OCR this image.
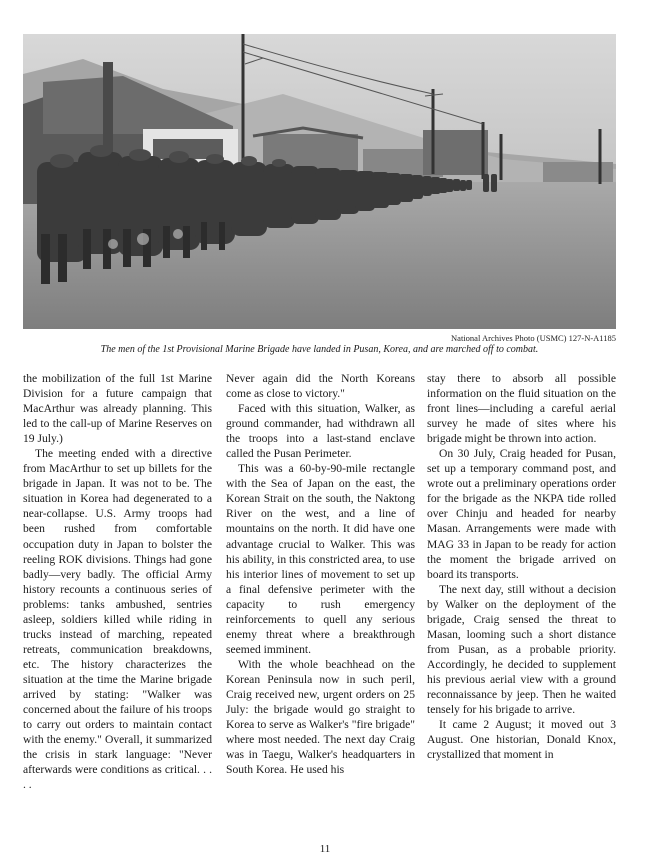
National Archives Photo (USMC) 127-N-A1185
The men of the 1st Provisional Marine Brigade have landed in Pusan, Korea, and are marched off to combat.

the mobilization of the full 1st Marine Division for a future campaign that MacArthur was already planning. This led to the call-up of Marine Reserves on 19 July.)

The meeting ended with a directive from MacArthur to set up billets for the brigade in Japan. It was not to be. The situation in Korea had degenerated to a near-collapse. U.S. Army troops had been rushed from comfortable occupation duty in Japan to bolster the reeling ROK divisions. Things had gone badly—very badly. The official Army history recounts a continuous series of problems: tanks ambushed, sentries asleep, soldiers killed while riding in trucks instead of marching, repeated retreats, communication breakdowns, etc. The history characterizes the situation at the time the Marine brigade arrived by stating: "Walker was concerned about the failure of his troops to carry out orders to maintain contact with the enemy." Overall, it summarized the crisis in stark language: "Never afterwards were conditions as critical. . . . .

Never again did the North Koreans come as close to victory."

Faced with this situation, Walker, as ground commander, had withdrawn all the troops into a last-stand enclave called the Pusan Perimeter.

This was a 60-by-90-mile rectangle with the Sea of Japan on the east, the Korean Strait on the south, the Naktong River on the west, and a line of mountains on the north. It did have one advantage crucial to Walker. This was his ability, in this constricted area, to use his interior lines of movement to set up a final defensive perimeter with the capacity to rush emergency reinforcements to quell any serious enemy threat where a breakthrough seemed imminent.

With the whole beachhead on the Korean Peninsula now in such peril, Craig received new, urgent orders on 25 July: the brigade would go straight to Korea to serve as Walker's "fire brigade" where most needed. The next day Craig was in Taegu, Walker's headquarters in South Korea. He used his

stay there to absorb all possible information on the fluid situation on the front lines—including a careful aerial survey he made of sites where his brigade might be thrown into action.

On 30 July, Craig headed for Pusan, set up a temporary command post, and wrote out a preliminary operations order for the brigade as the NKPA tide rolled over Chinju and headed for nearby Masan. Arrangements were made with MAG 33 in Japan to be ready for action the moment the brigade arrived on board its transports.

The next day, still without a decision by Walker on the deployment of the brigade, Craig sensed the threat to Masan, looming such a short distance from Pusan, as a probable priority. Accordingly, he decided to supplement his previous aerial view with a ground reconnaissance by jeep. Then he waited tensely for his brigade to arrive.

It came 2 August; it moved out 3 August. One historian, Donald Knox, crystallized that moment in

11
